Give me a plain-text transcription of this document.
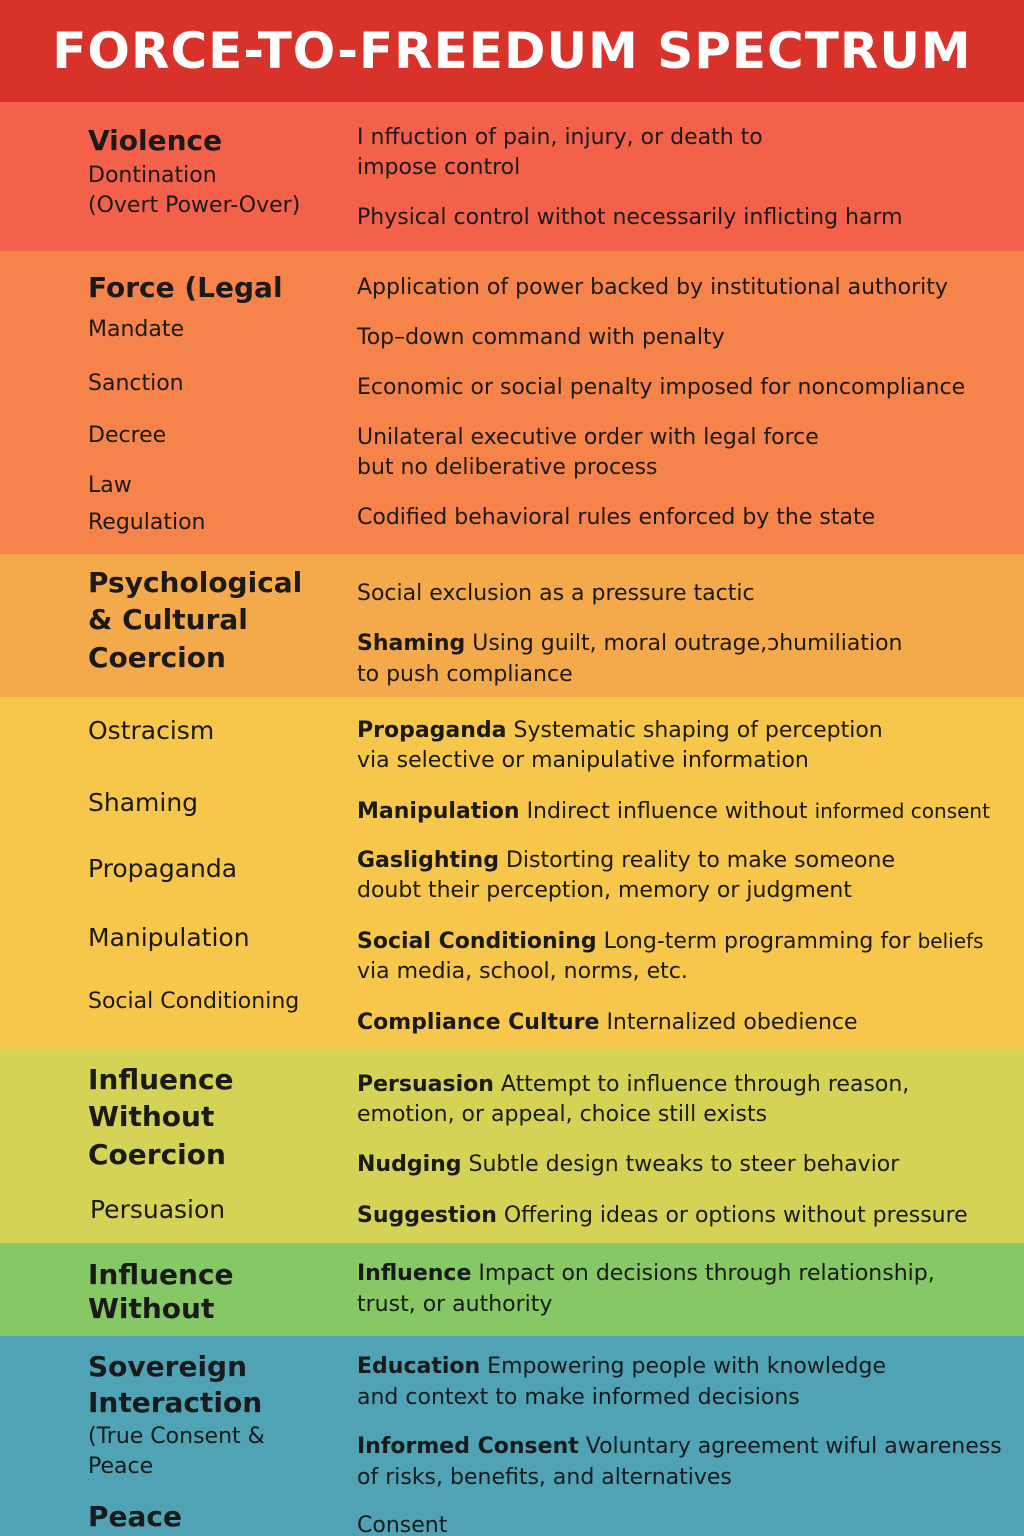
FORCE-TO-FREEDUM SPECTRUM
Violence
Dontination
(Overt Power-Over)
I nffuction of pain, injury, or death to
impose control
Physical control withot necessarily inflicting harm
Force (Legal
Mandate
Sanction
Decree
Law
Regulation
Application of power backed by institutional authority
Top–down command with penalty
Economic or social penalty imposed for noncompliance
Unilateral executive order with legal force
but no deliberative process
Codified behavioral rules enforced by the state
Psychological
& Cultural
Coercion
Social exclusion as a pressure tactic
Shaming Using guilt, moral outrage,ɔhumiliation
to push compliance
Ostracism
Shaming
Propaganda
Manipulation
Social Conditioning
Propaganda Systematic shaping of perception
via selective or manipulative information
Manipulation Indirect influence without informed consent
Gaslighting Distorting reality to make someone
doubt their perception, memory or judgment
Social Conditioning Long-term programming for beliefs
via media, school, norms, etc.
Compliance Culture Internalized obedience
Influence
Without
Coercion
Persuasion
Persuasion Attempt to influence through reason,
emotion, or appeal, choice still exists
Nudging Subtle design tweaks to steer behavior
Suggestion Offering ideas or options without pressure
Influence
Without
Influence Impact on decisions through relationship,
trust, or authority
Sovereign
Interaction
(True Consent &
Peace
Peace
Education Empowering people with knowledge
and context to make informed decisions
Informed Consent Voluntary agreement wiful awareness
of risks, benefits, and alternatives
Consent
